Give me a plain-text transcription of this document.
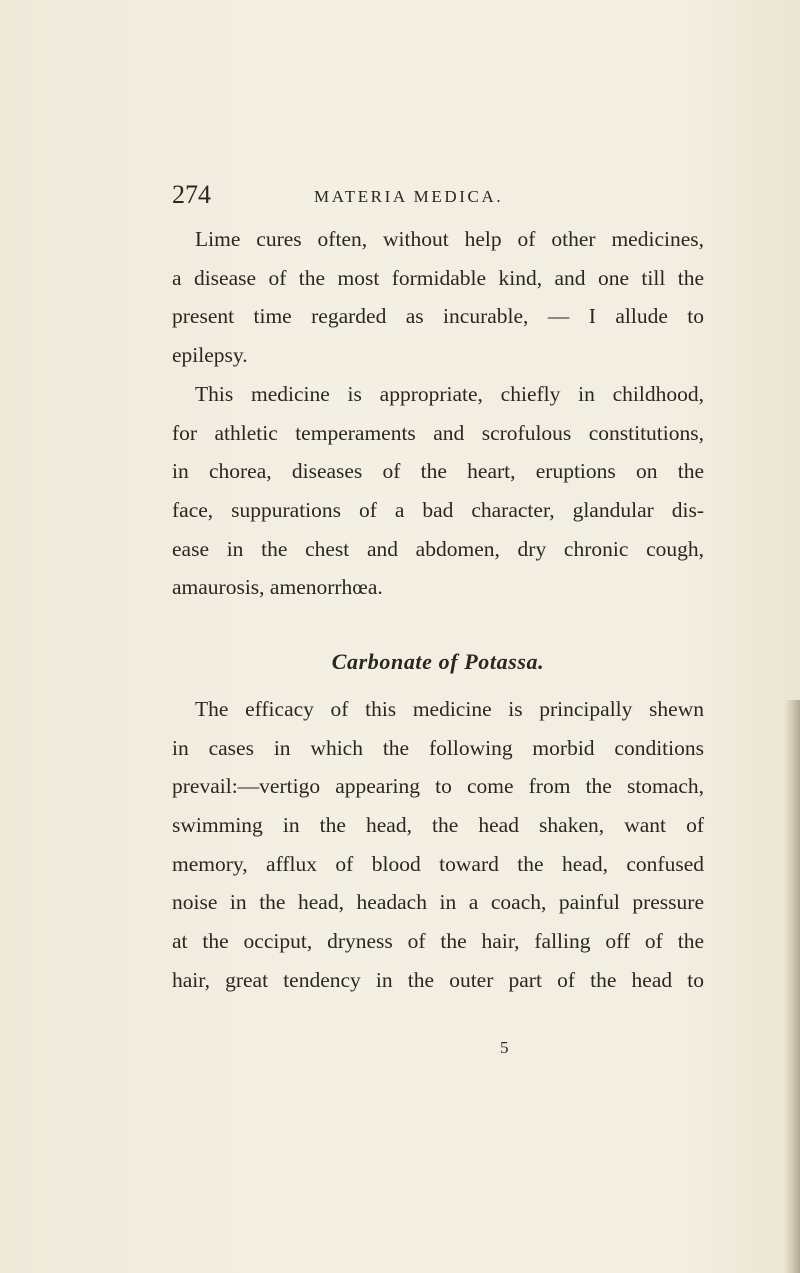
274	MATERIA MEDICA.
Lime cures often, without help of other medicines,
a disease of the most formidable kind, and one till the
present time regarded as incurable, — I allude to
epilepsy.
This medicine is appropriate, chiefly in childhood,
for athletic temperaments and scrofulous constitutions,
in chorea, diseases of the heart, eruptions on the
face, suppurations of a bad character, glandular dis-
ease in the chest and abdomen, dry chronic cough,
amaurosis, amenorrhœa.
Carbonate of Potassa.
The efficacy of this medicine is principally shewn
in cases in which the following morbid conditions
prevail:—vertigo appearing to come from the stomach,
swimming in the head, the head shaken, want of
memory, afflux of blood toward the head, confused
noise in the head, headach in a coach, painful pressure
at the occiput, dryness of the hair, falling off of the
hair, great tendency in the outer part of the head to
5
